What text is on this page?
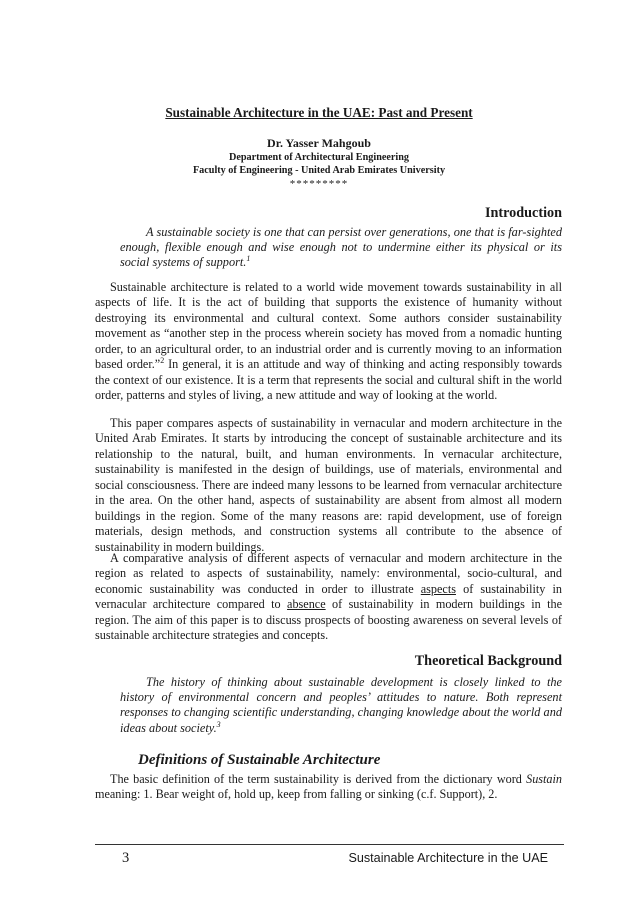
Sustainable Architecture in the UAE: Past and Present
Dr. Yasser Mahgoub
Department of Architectural Engineering
Faculty of Engineering - United Arab Emirates University
*********
Introduction
A sustainable society is one that can persist over generations, one that is far-sighted enough, flexible enough and wise enough not to undermine either its physical or its social systems of support.$^1$

Sustainable architecture is related to a world wide movement towards sustainability in all aspects of life. It is the act of building that supports the existence of humanity without destroying its environmental and cultural context. Some authors consider sustainability movement as “another step in the process wherein society has moved from a nomadic hunting order, to an agricultural order, to an industrial order and is currently moving to an information based order.”$^2$ In general, it is an attitude and way of thinking and acting responsibly towards the context of our existence. It is a term that represents the social and cultural shift in the world order, patterns and styles of living, a new attitude and way of looking at the world.

This paper compares aspects of sustainability in vernacular and modern architecture in the United Arab Emirates. It starts by introducing the concept of sustainable architecture and its relationship to the natural, built, and human environments. In vernacular architecture, sustainability is manifested in the design of buildings, use of materials, environmental and social consciousness. There are indeed many lessons to be learned from vernacular architecture in the area. On the other hand, aspects of sustainability are absent from almost all modern buildings in the region. Some of the many reasons are: rapid development, use of foreign materials, design methods, and construction systems all contribute to the absence of sustainability in modern buildings.

A comparative analysis of different aspects of vernacular and modern architecture in the region as related to aspects of sustainability, namely: environmental, socio-cultural, and economic sustainability was conducted in order to illustrate aspects of sustainability in vernacular architecture compared to absence of sustainability in modern buildings in the region. The aim of this paper is to discuss prospects of boosting awareness on several levels of sustainable architecture strategies and concepts.

Theoretical Background
The history of thinking about sustainable development is closely linked to the history of environmental concern and peoples’ attitudes to nature. Both represent responses to changing scientific understanding, changing knowledge about the world and ideas about society.$^3$
Definitions of Sustainable Architecture

The basic definition of the term sustainability is derived from the dictionary word Sustain meaning: 1. Bear weight of, hold up, keep from falling or sinking (c.f. Support), 2.

3	Sustainable Architecture in the UAE
